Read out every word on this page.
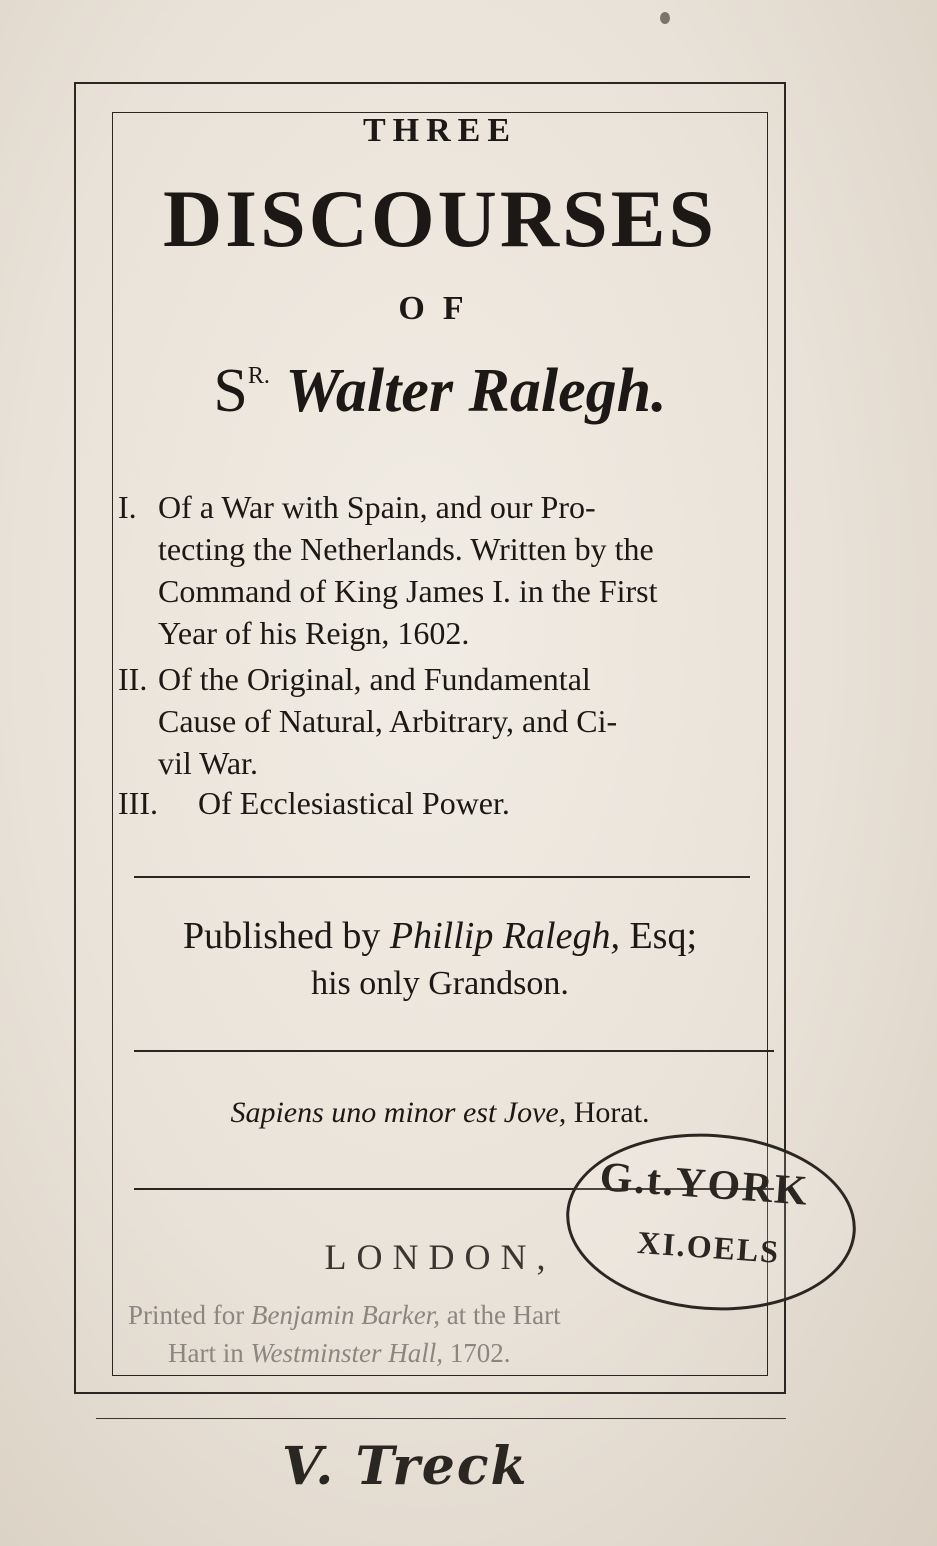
THREE
DISCOURSES
OF
$S^{R.}$ Walter Ralegh.
I. Of a War with Spain, and our Pro-
tecting the Netherlands. Written by the
Command of King James I. in the First
Year of his Reign, 1602.
II. Of the Original, and Fundamental
Cause of Natural, Arbitrary, and Ci-
vil War.
III. Of Ecclesiastical Power.
Published by Phillip Ralegh, Esq;
his only Grandson.
Sapiens uno minor est Jove, Horat.
LONDON,
Printed for Benjamin Barker, at the Hart
Hart in Westminster Hall, 1702.
G.t.YORK
XI.OELS
V. Treck
